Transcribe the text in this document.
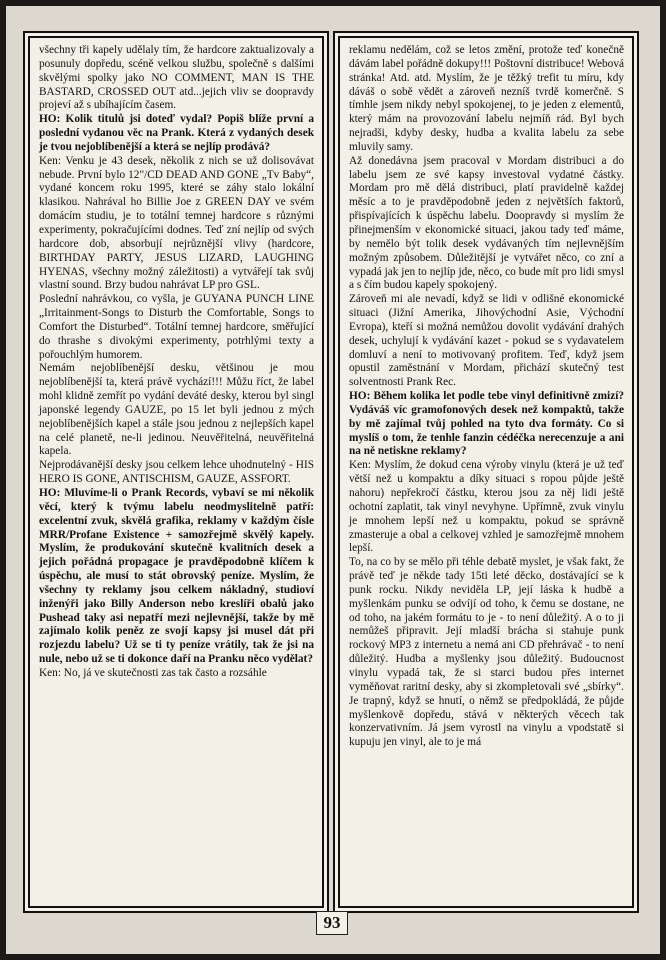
všechny tři kapely udělaly tím, že hardcore zaktualizovaly a posunuly dopředu, scéně velkou službu, společně s dalšími skvělými spolky jako NO COMMENT, MAN IS THE BASTARD, CROSSED OUT atd...jejich vliv se doopravdy projeví až s ubíhajícím časem.

HO: Kolik titulů jsi doteď vydal? Popiš blíže první a poslední vydanou věc na Prank. Která z vydaných desek je tvou nejoblíbenější a která se nejlíp prodává?

Ken: Venku je 43 desek, několik z nich se už dolisovávat nebude. První bylo 12"/CD DEAD AND GONE „Tv Baby“, vydané koncem roku 1995, které se záhy stalo lokální klasikou. Nahrával ho Billie Joe z GREEN DAY ve svém domácím studiu, je to totální temnej hardcore s různými experimenty, pokračujícími dodnes. Teď zní nejlíp od svých hardcore dob, absorbují nejrůznější vlivy (hardcore, BIRTHDAY PARTY, JESUS LIZARD, LAUGHING HYENAS, všechny možný záležitosti) a vytvářejí tak svůj vlastní sound. Brzy budou nahrávat LP pro GSL.

Poslední nahrávkou, co vyšla, je GUYANA PUNCH LINE „Irritainment-Songs to Disturb the Comfortable, Songs to Comfort the Disturbed“. Totální temnej hardcore, směřující do thrashe s divokými experimenty, potrhlými texty a pořouchlým humorem.

Nemám nejoblíbenější desku, většinou je mou nejoblíbenější ta, která právě vychází!!! Můžu říct, že label mohl klidně zemřít po vydání deváté desky, kterou byl singl japonské legendy GAUZE, po 15 let byli jednou z mých nejoblíbenějších kapel a stále jsou jednou z nejlepších kapel na celé planetě, ne-li jedinou. Neuvěřitelná, neuvěřitelná kapela.

Nejprodávanější desky jsou celkem lehce uhodnutelný - HIS HERO IS GONE, ANTISCHISM, GAUZE, ASSFORT.

HO: Mluvíme-li o Prank Records, vybaví se mi několik věcí, který k tvýmu labelu neodmyslitelně patří: excelentní zvuk, skvělá grafika, reklamy v každým čísle MRR/Profane Existence + samozřejmě skvělý kapely. Myslím, že produkování skutečně kvalitních desek a jejich pořádná propagace je pravděpodobně klíčem k úspěchu, ale musí to stát obrovský peníze. Myslím, že všechny ty reklamy jsou celkem nákladný, studioví inženýři jako Billy Anderson nebo kreslíři obalů jako Pushead taky asi nepatří mezi nejlevnější, takže by mě zajímalo kolik peněz ze svojí kapsy jsi musel dát při rozjezdu labelu? Už se ti ty peníze vrátily, tak že jsi na nule, nebo už se ti dokonce daří na Pranku něco vydělat?

Ken: No, já ve skutečnosti zas tak často a rozsáhle

reklamu nedělám, což se letos změní, protože teď konečně dávám label pořádně dokupy!!! Poštovní distribuce! Webová stránka! Atd. atd. Myslím, že je těžký trefit tu míru, kdy dáváš o sobě vědět a zároveň nezníš tvrdě komerčně. S tímhle jsem nikdy nebyl spokojenej, to je jeden z elementů, který mám na provozování labelu nejmíň rád. Byl bych nejradši, kdyby desky, hudba a kvalita labelu za sebe mluvily samy.

Až donedávna jsem pracoval v Mordam distribuci a do labelu jsem ze své kapsy investoval vydatné částky. Mordam pro mě dělá distribuci, platí pravidelně každej měsíc a to je pravděpodobně jeden z největších faktorů, přispívajících k úspěchu labelu. Doopravdy si myslím že přinejmenším v ekonomické situaci, jakou tady teď máme, by nemělo být tolik desek vydávaných tím nejlevnějším možným způsobem. Důležitější je vytvářet něco, co zní a vypadá jak jen to nejlíp jde, něco, co bude mít pro lidi smysl a s čím budou kapely spokojený.

Zároveň mi ale nevadí, když se lidi v odlišné ekonomické situaci (Jižní Amerika, Jihovýchodní Asie, Východní Evropa), kteří si možná nemůžou dovolit vydávání drahých desek, uchylují k vydávání kazet - pokud se s vydavatelem domluví a není to motivovaný profitem. Teď, když jsem opustil zaměstnání v Mordam, přichází skutečný test solventnosti Prank Rec.

HO: Během kolika let podle tebe vinyl definitivně zmizí? Vydáváš víc gramofonových desek než kompaktů, takže by mě zajímal tvůj pohled na tyto dva formáty. Co si myslíš o tom, že tenhle fanzin cédéčka nerecenzuje a ani na ně netiskne reklamy?

Ken: Myslím, že dokud cena výroby vinylu (která je už teď větší než u kompaktu a díky situaci s ropou půjde ještě nahoru) nepřekročí částku, kterou jsou za něj lidi ještě ochotní zaplatit, tak vinyl nevyhyne. Upřímně, zvuk vinylu je mnohem lepší než u kompaktu, pokud se správně zmasteruje a obal a celkovej vzhled je samozřejmě mnohem lepší.

To, na co by se mělo při téhle debatě myslet, je však fakt, že právě teď je někde tady 15ti leté děcko, dostávající se k punk rocku. Nikdy neviděla LP, její láska k hudbě a myšlenkám punku se odvíjí od toho, k čemu se dostane, ne od toho, na jakém formátu to je - to není důležitý. A o to ji nemůžeš připravit. Její mladší brácha si stahuje punk rockový MP3 z internetu a nemá ani CD přehrávač - to není důležitý. Hudba a myšlenky jsou důležitý. Budoucnost vinylu vypadá tak, že si starci budou přes internet vyměňovat raritní desky, aby si zkompletovali své „sbírky“. Je trapný, když se hnutí, o němž se předpokládá, že půjde myšlenkově dopředu, stává v některých věcech tak konzervativním. Já jsem vyrostl na vinylu a vpodstatě si kupuju jen vinyl, ale to je má

93
